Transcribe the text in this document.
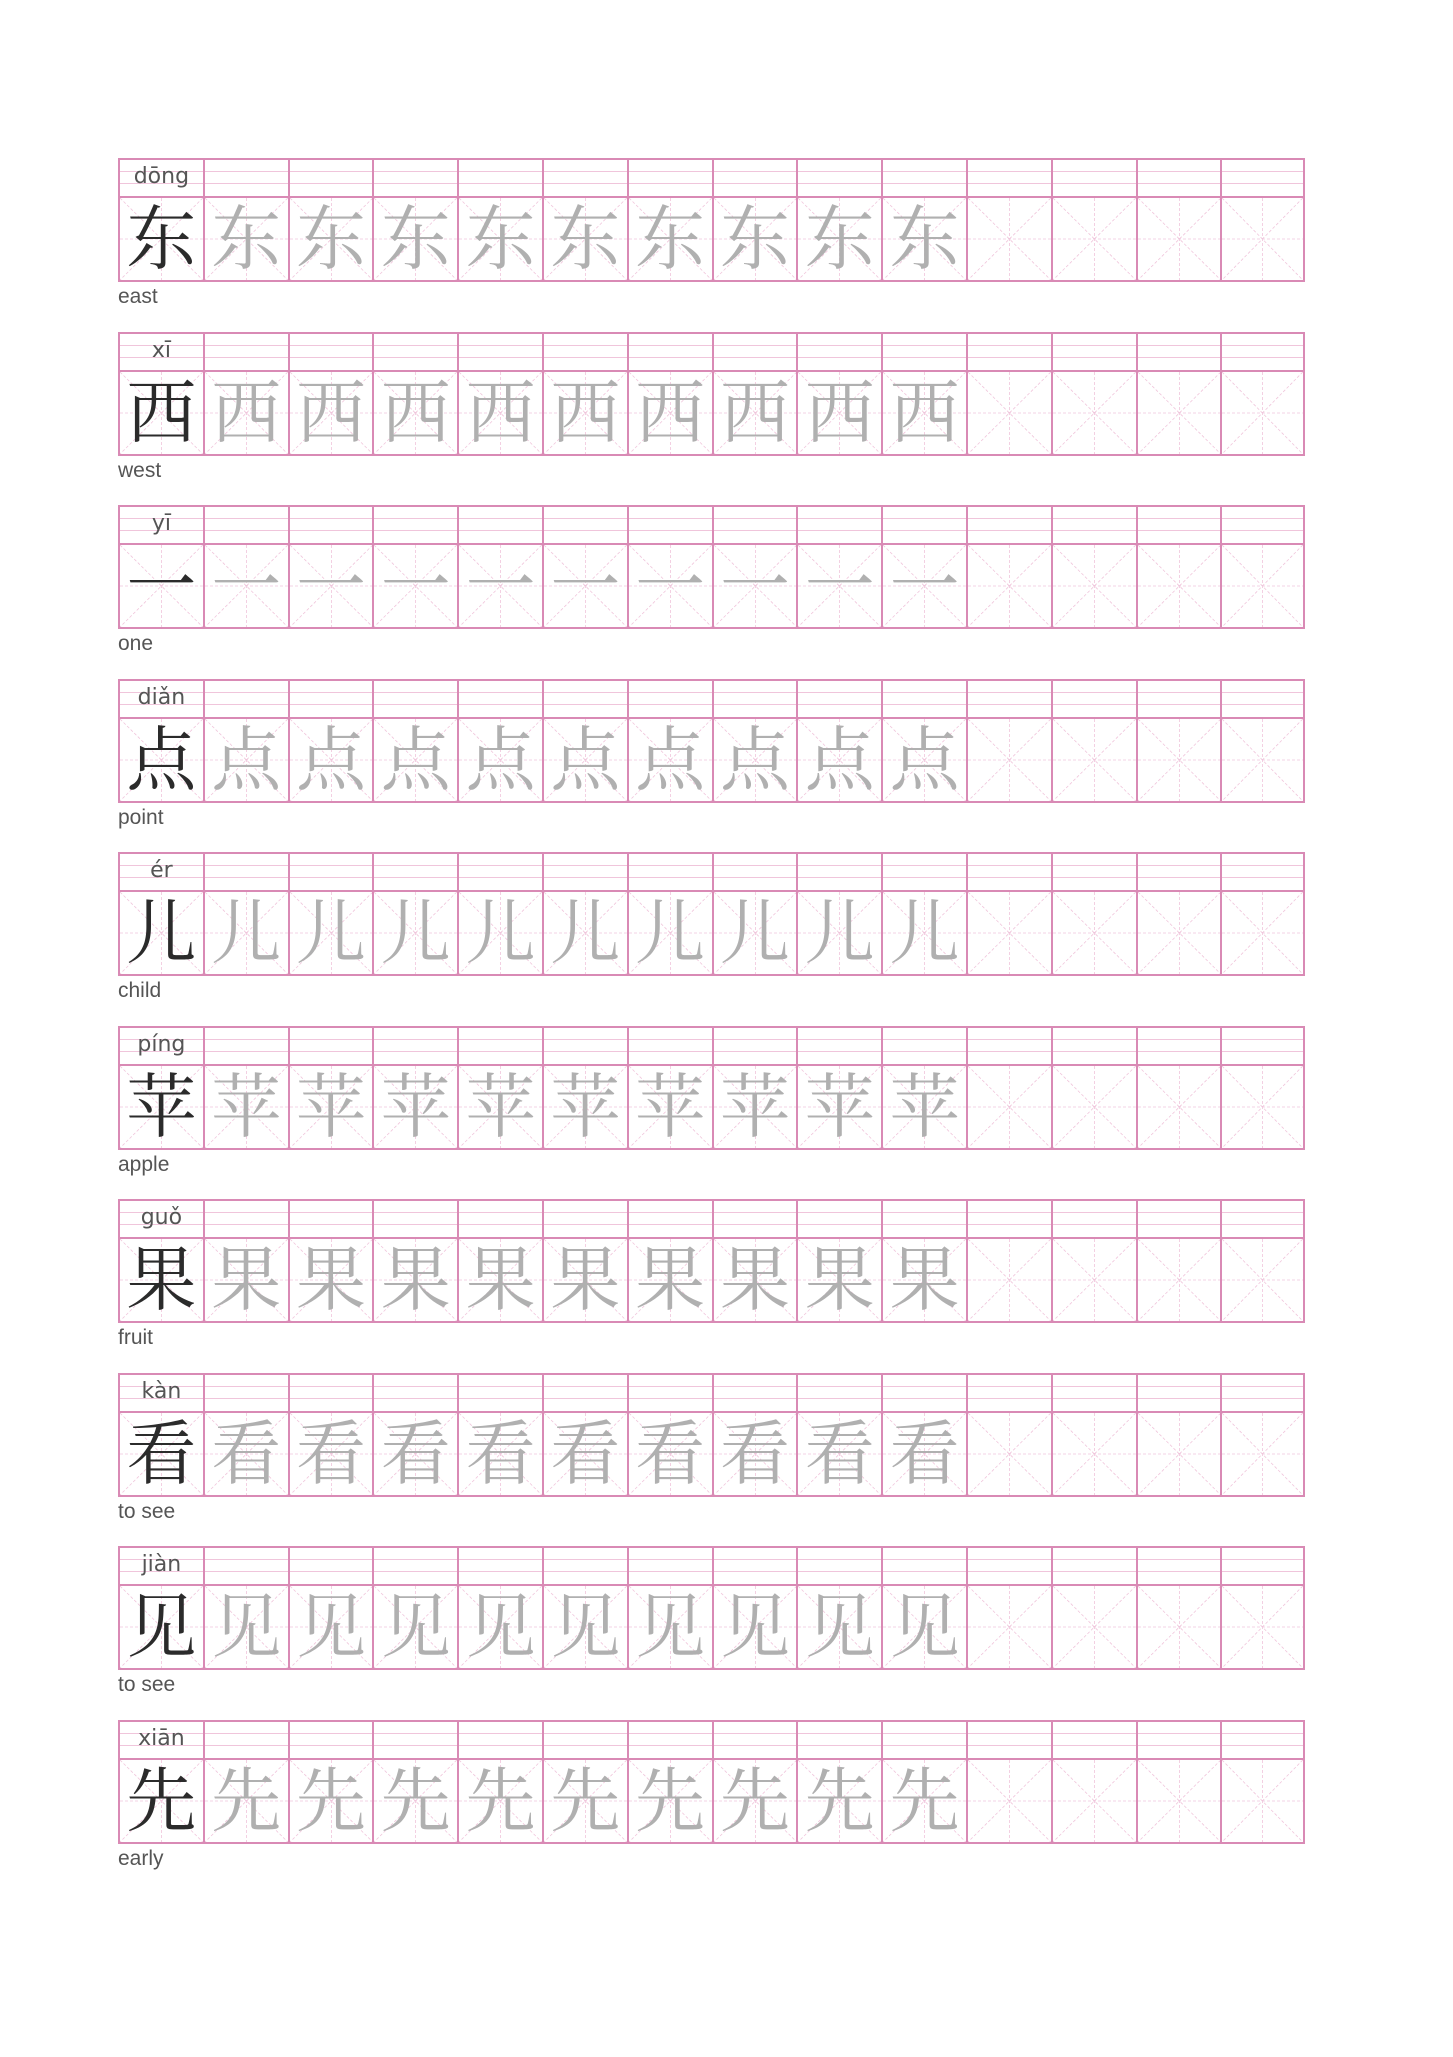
dōng
东 东 东 东 东 东 东 东 东 东
east
xī
西 西 西 西 西 西 西 西 西 西
west
yī
一 一 一 一 一 一 一 一 一 一
one
diǎn
点 点 点 点 点 点 点 点 点 点
point
ér
儿 儿 儿 儿 儿 儿 儿 儿 儿 儿
child
píng
苹 苹 苹 苹 苹 苹 苹 苹 苹 苹
apple
guǒ
果 果 果 果 果 果 果 果 果 果
fruit
kàn
看 看 看 看 看 看 看 看 看 看
to see
jiàn
见 见 见 见 见 见 见 见 见 见
to see
xiān
先 先 先 先 先 先 先 先 先 先
early
